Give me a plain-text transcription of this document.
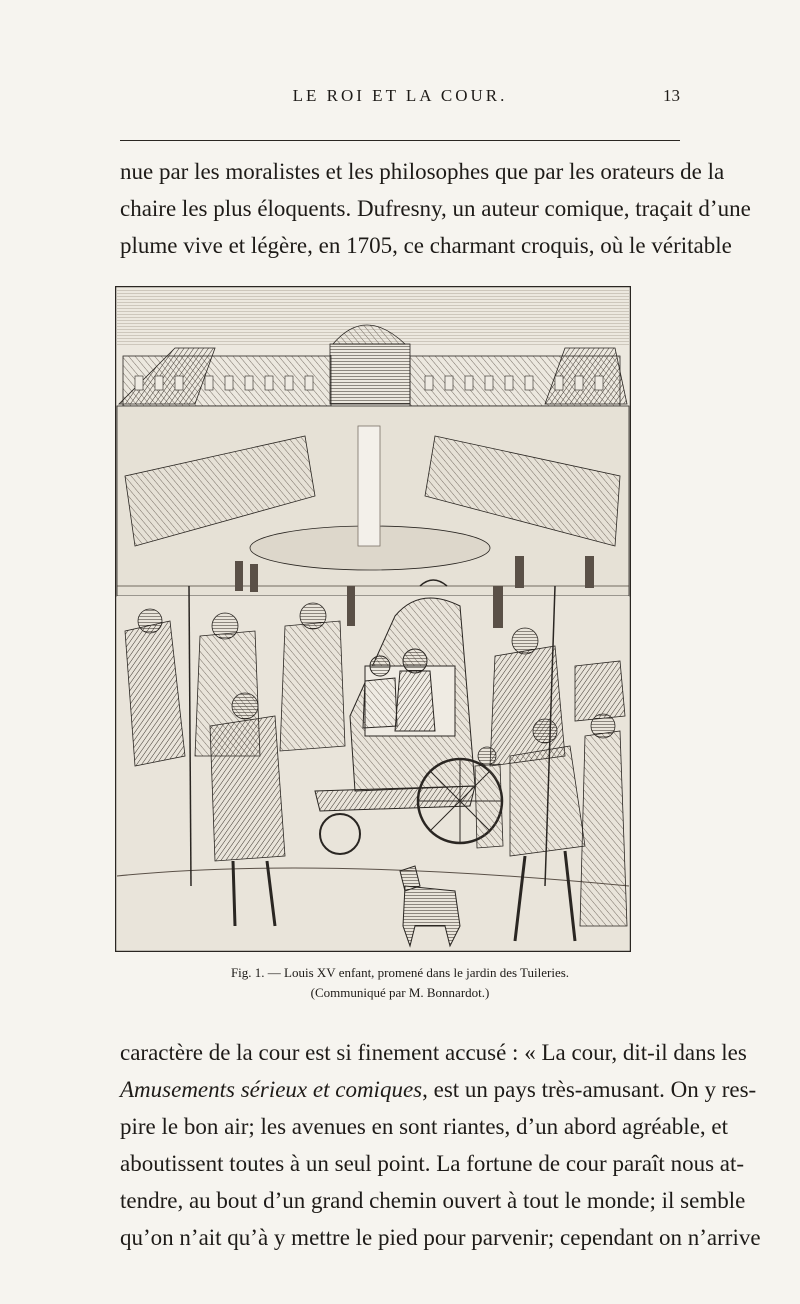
LE ROI ET LA COUR.	13
nue par les moralistes et les philosophes que par les orateurs de la
chaire les plus éloquents. Dufresny, un auteur comique, traçait d’une
plume vive et légère, en 1705, ce charmant croquis, où le véritable
Fig. 1. — Louis XV enfant, promené dans le jardin des Tuileries.
(Communiqué par M. Bonnardot.)
caractère de la cour est si finement accusé : « La cour, dit-il dans les
Amusements sérieux et comiques, est un pays très-amusant. On y res-
pire le bon air; les avenues en sont riantes, d’un abord agréable, et
aboutissent toutes à un seul point. La fortune de cour paraît nous at-
tendre, au bout d’un grand chemin ouvert à tout le monde; il semble
qu’on n’ait qu’à y mettre le pied pour parvenir; cependant on n’arrive
